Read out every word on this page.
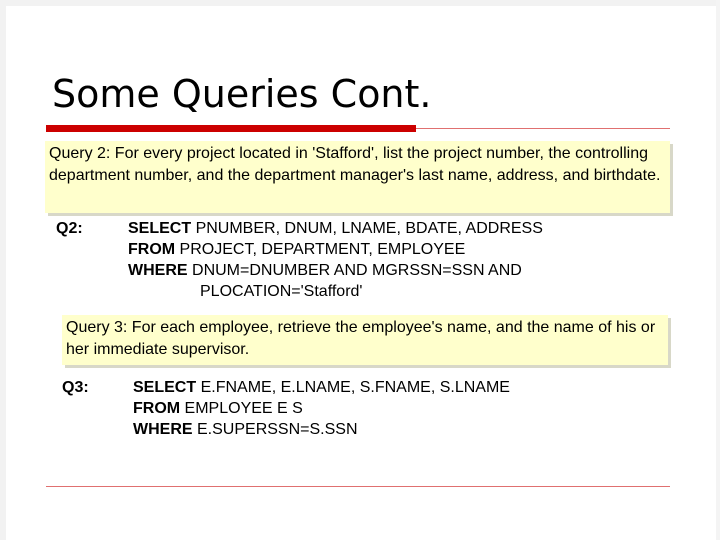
Some Queries Cont.
Query 2: For every project located in 'Stafford', list the project number, the controlling department number, and the department manager's last name, address, and birthdate.
Q2:	SELECT PNUMBER, DNUM, LNAME, BDATE, ADDRESS
FROM PROJECT, DEPARTMENT, EMPLOYEE
WHERE DNUM=DNUMBER AND MGRSSN=SSN AND
PLOCATION='Stafford'
Query 3: For each employee, retrieve the employee's name, and the name of his or her immediate supervisor.
Q3:	SELECT E.FNAME, E.LNAME, S.FNAME, S.LNAME
FROM EMPLOYEE E S
WHERE E.SUPERSSN=S.SSN
